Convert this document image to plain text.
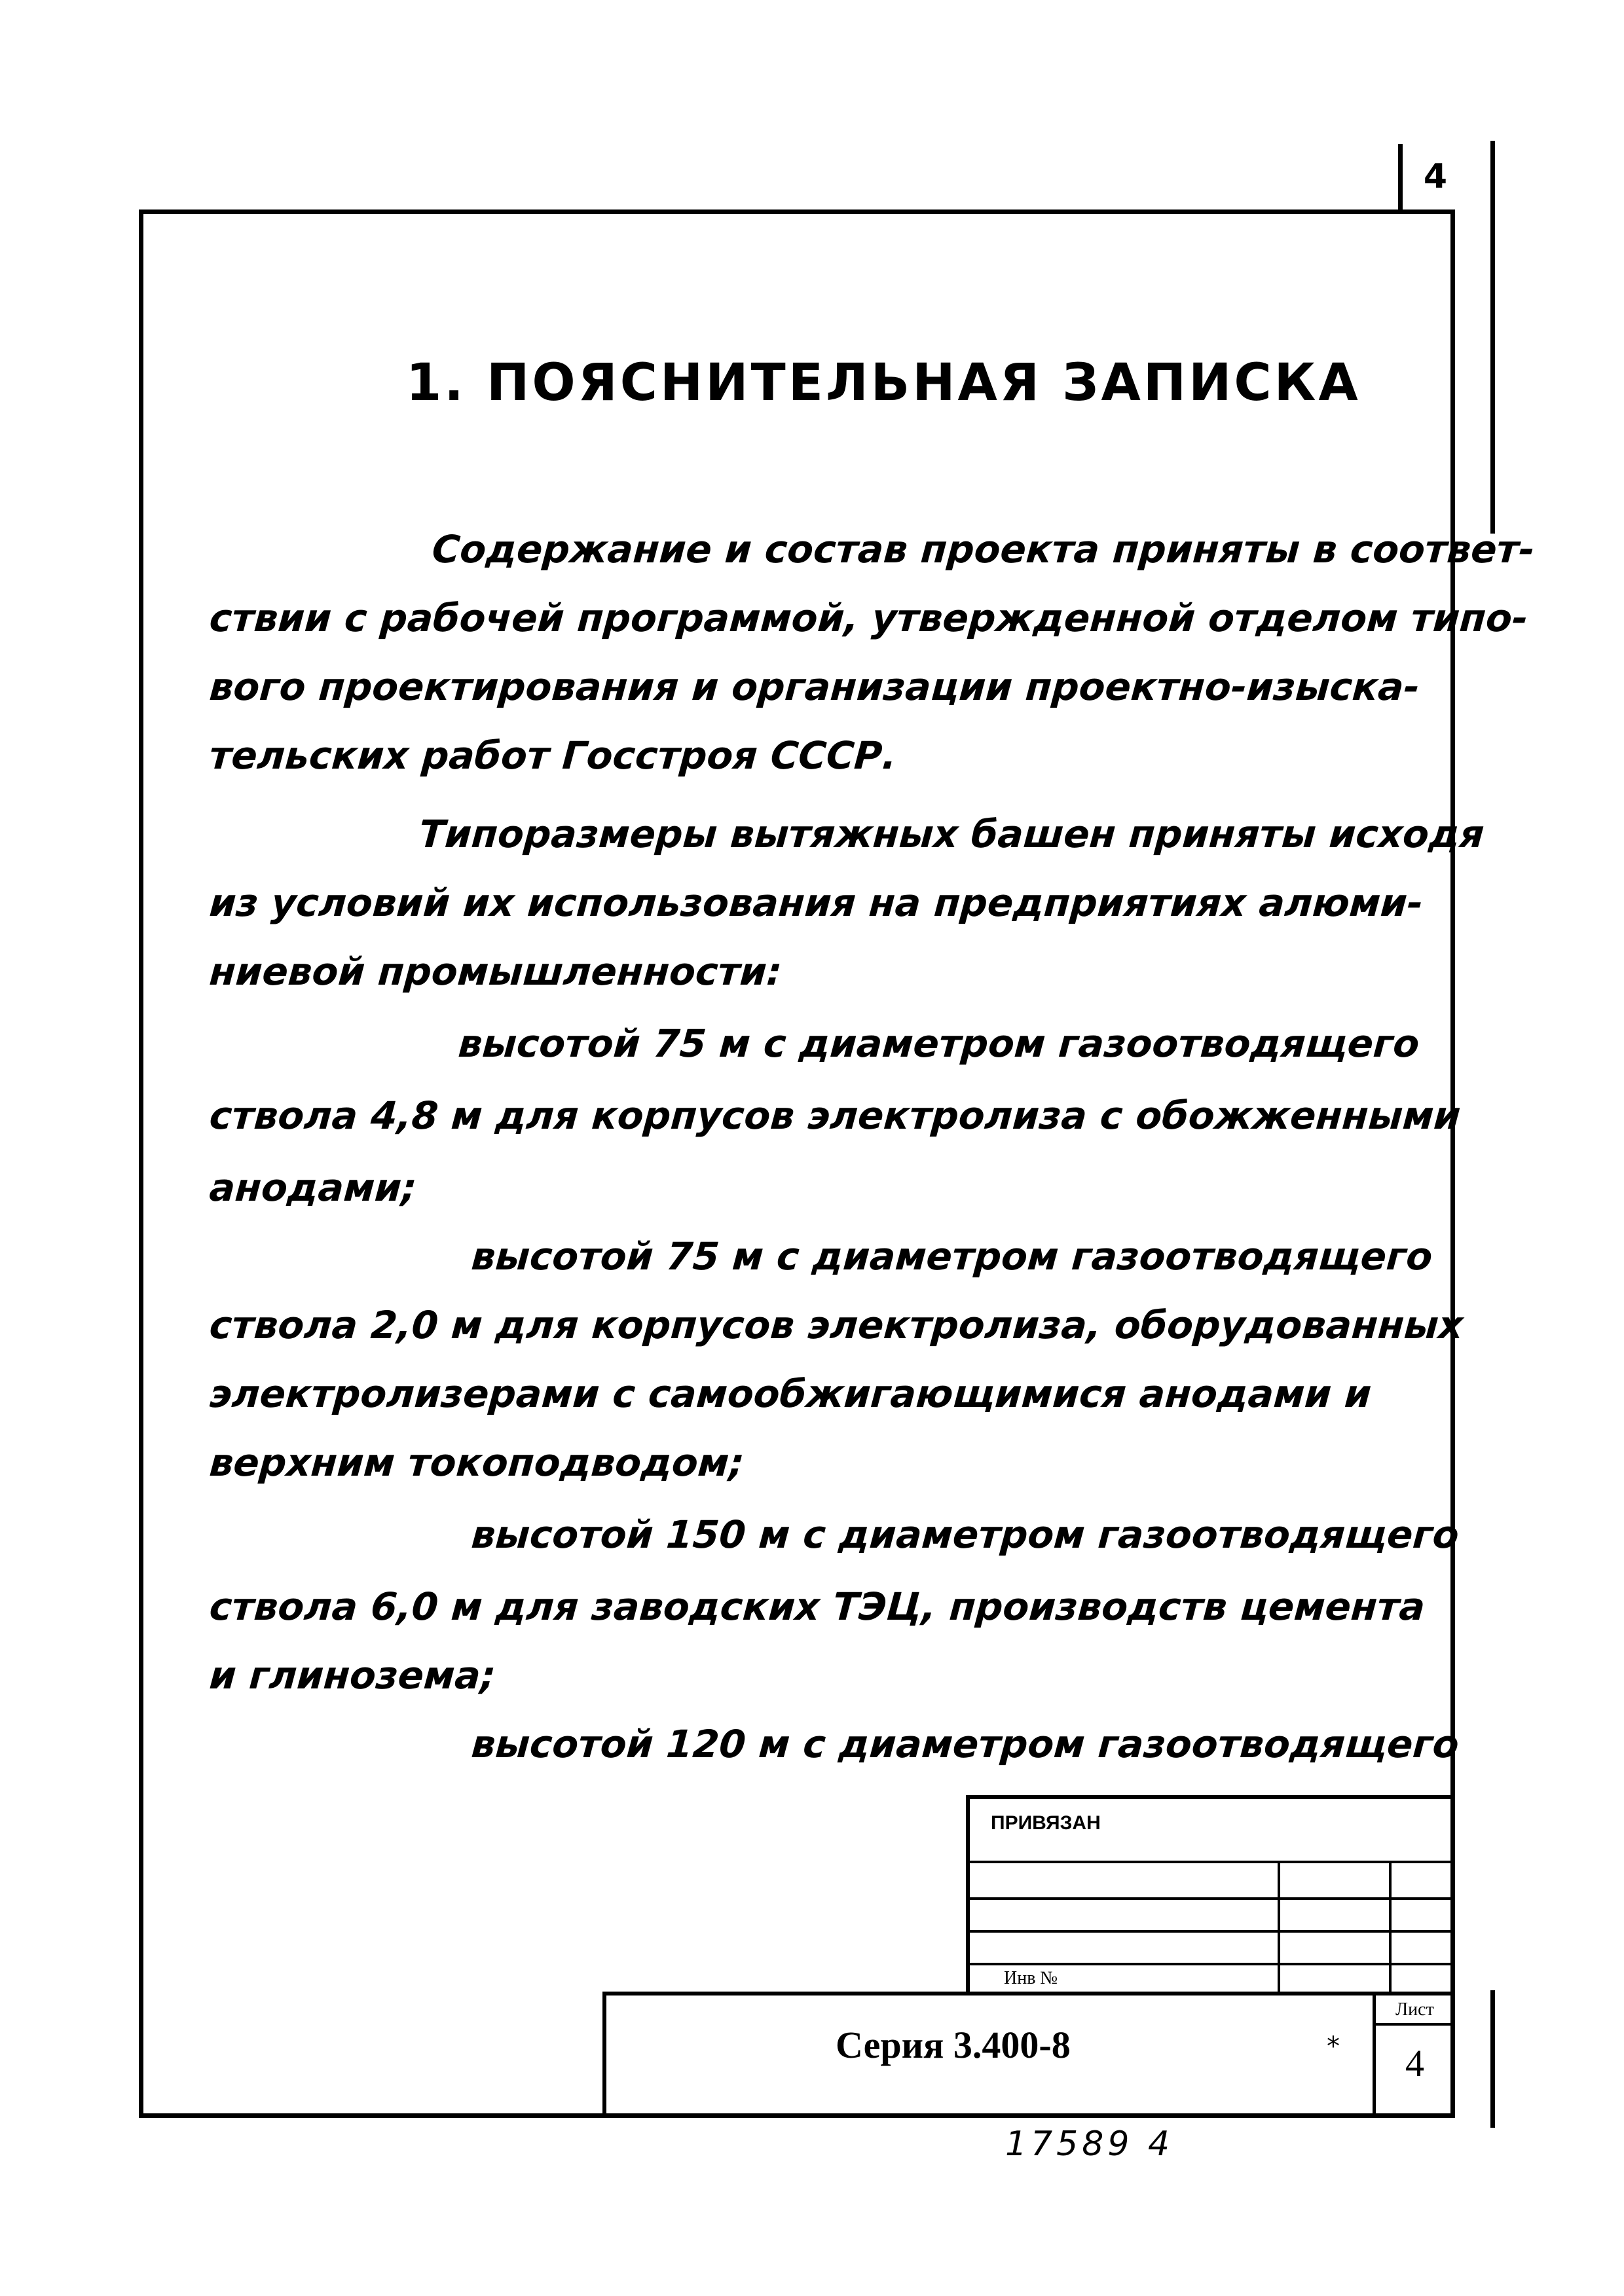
4
1. ПОЯСНИТЕЛЬНАЯ ЗАПИСКА
Содержание и состав проекта приняты в соответ-
ствии с рабочей программой, утвержденной отделом типо-
вого проектирования и организации проектно-изыска-
тельских работ Госстроя СССР.
Типоразмеры вытяжных башен приняты исходя
из условий их использования на предприятиях алюми-
ниевой промышленности:
высотой 75 м с диаметром газоотводящего
ствола 4,8 м для корпусов электролиза с обожженными
анодами;
высотой 75 м с диаметром газоотводящего
ствола 2,0 м для корпусов электролиза, оборудованных
электролизерами с самообжигающимися анодами и
верхним токоподводом;
высотой 150 м с диаметром газоотводящего
ствола 6,0 м для заводских ТЭЦ, производств цемента
и глинозема;
высотой 120 м с диаметром газоотводящего
ПРИВЯЗАН
Инв №
Серия 3.400-8	*
Лист
4
17589 4
